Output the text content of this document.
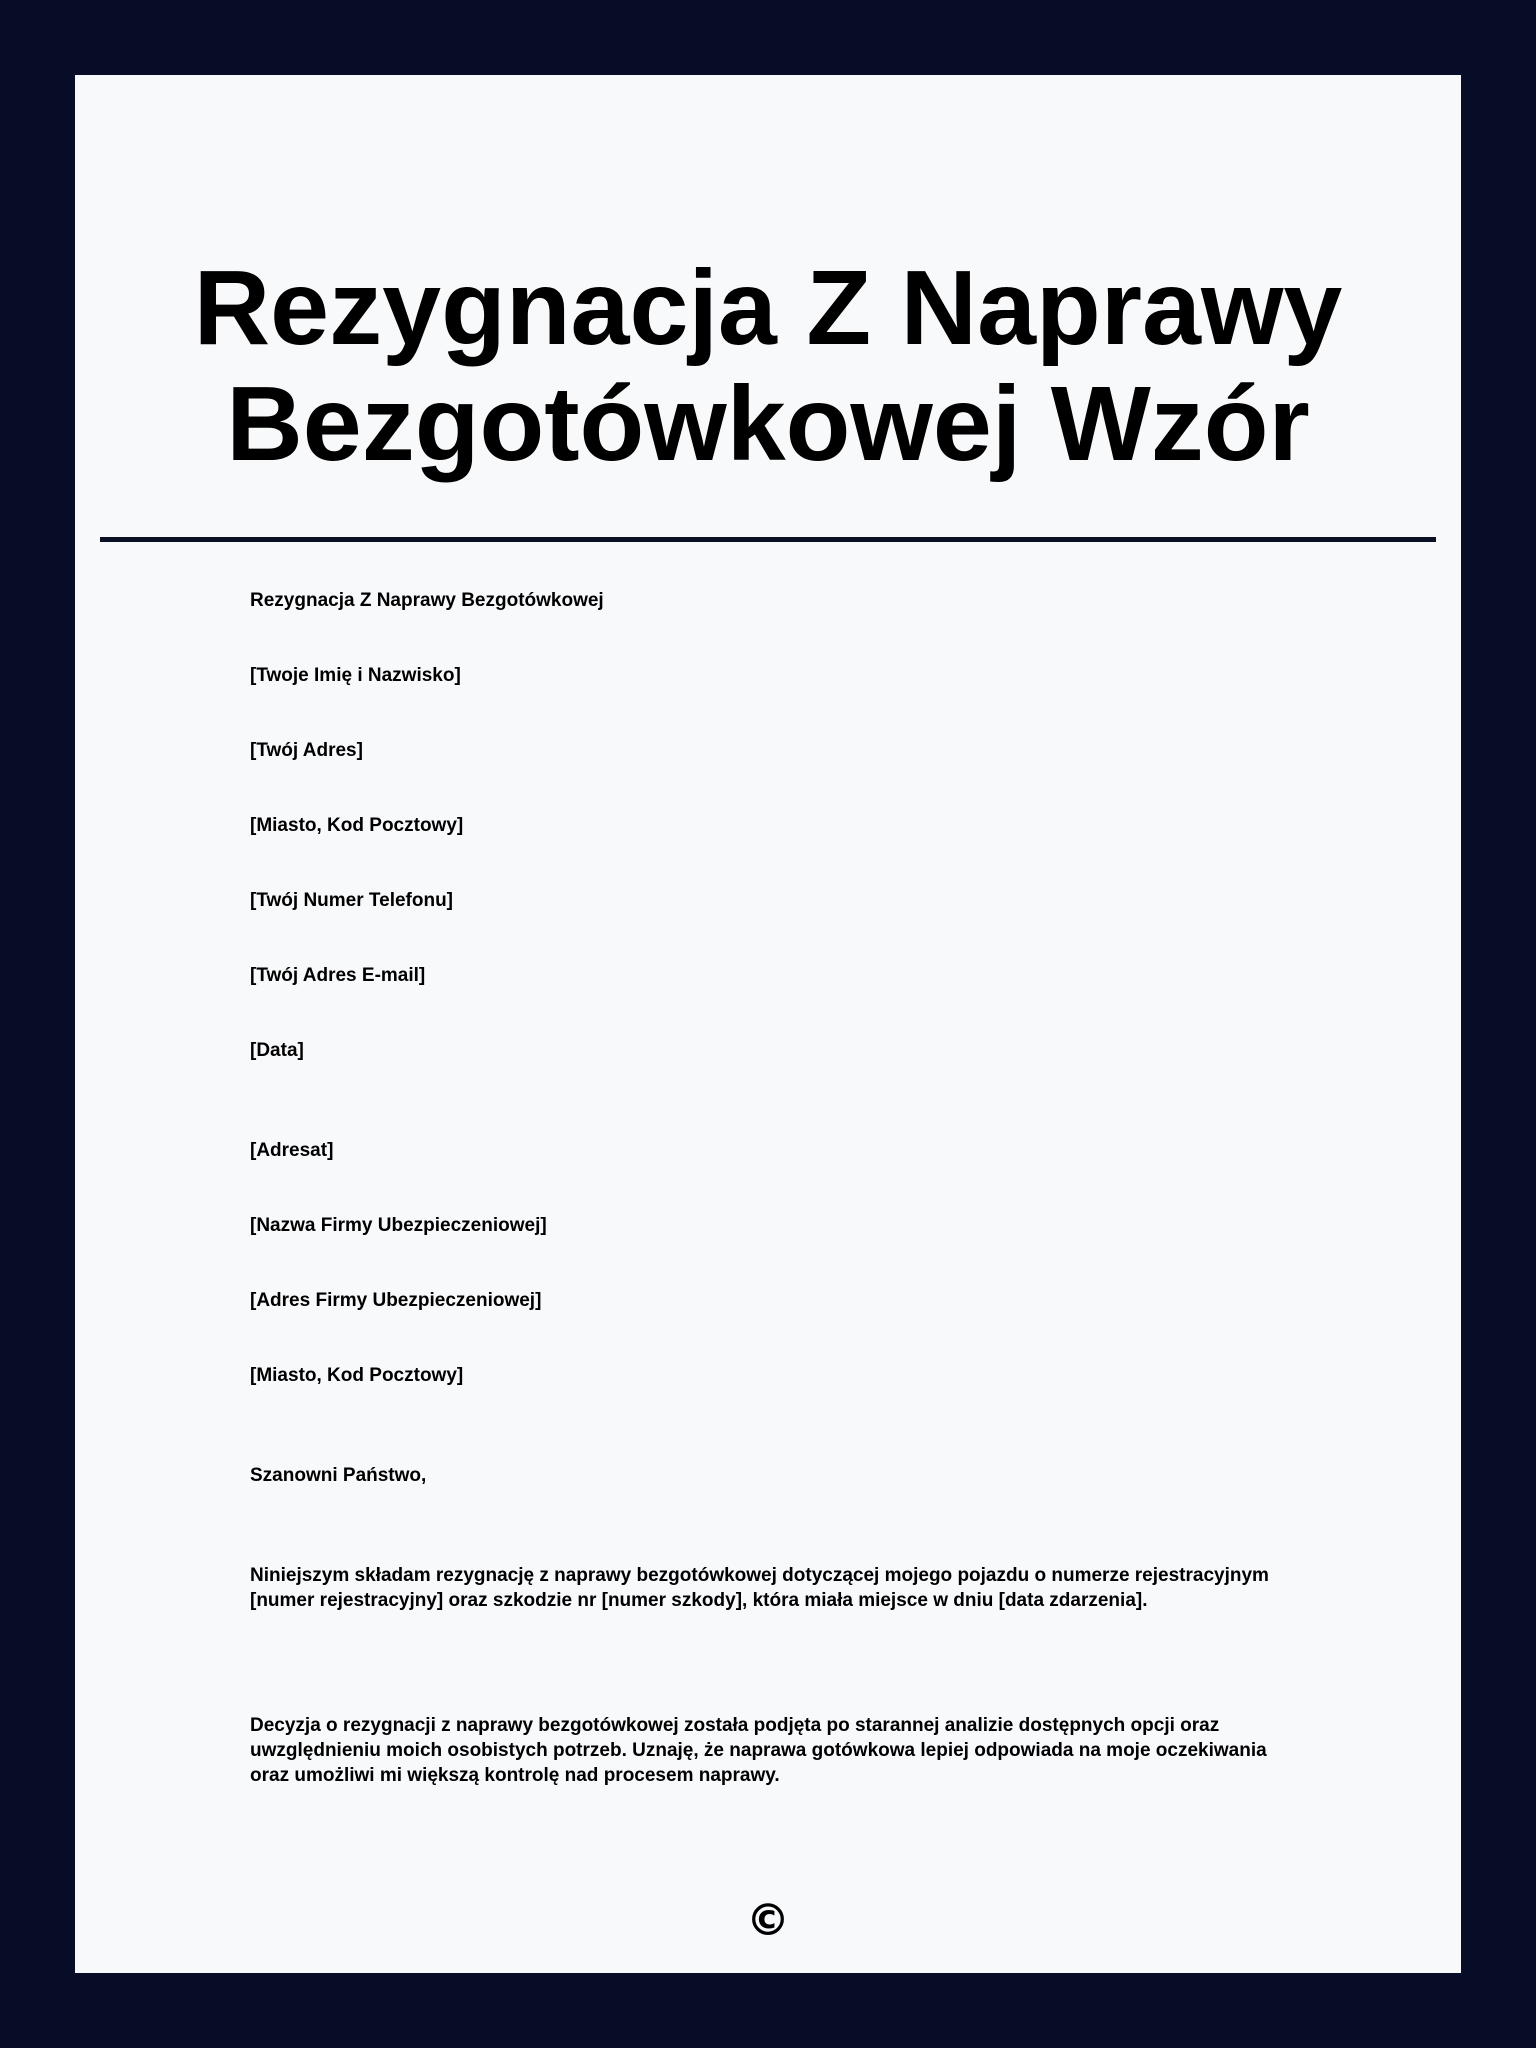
Rezygnacja Z Naprawy
Bezgotówkowej Wzór

Rezygnacja Z Naprawy Bezgotówkowej

[Twoje Imię i Nazwisko]

[Twój Adres]

[Miasto, Kod Pocztowy]

[Twój Numer Telefonu]

[Twój Adres E-mail]

[Data]

[Adresat]

[Nazwa Firmy Ubezpieczeniowej]

[Adres Firmy Ubezpieczeniowej]

[Miasto, Kod Pocztowy]

Szanowni Państwo,

Niniejszym składam rezygnację z naprawy bezgotówkowej dotyczącej mojego pojazdu o numerze rejestracyjnym [numer rejestracyjny] oraz szkodzie nr [numer szkody], która miała miejsce w dniu [data zdarzenia].

Decyzja o rezygnacji z naprawy bezgotówkowej została podjęta po starannej analizie dostępnych opcji oraz uwzględnieniu moich osobistych potrzeb. Uznaję, że naprawa gotówkowa lepiej odpowiada na moje oczekiwania oraz umożliwi mi większą kontrolę nad procesem naprawy.

©
